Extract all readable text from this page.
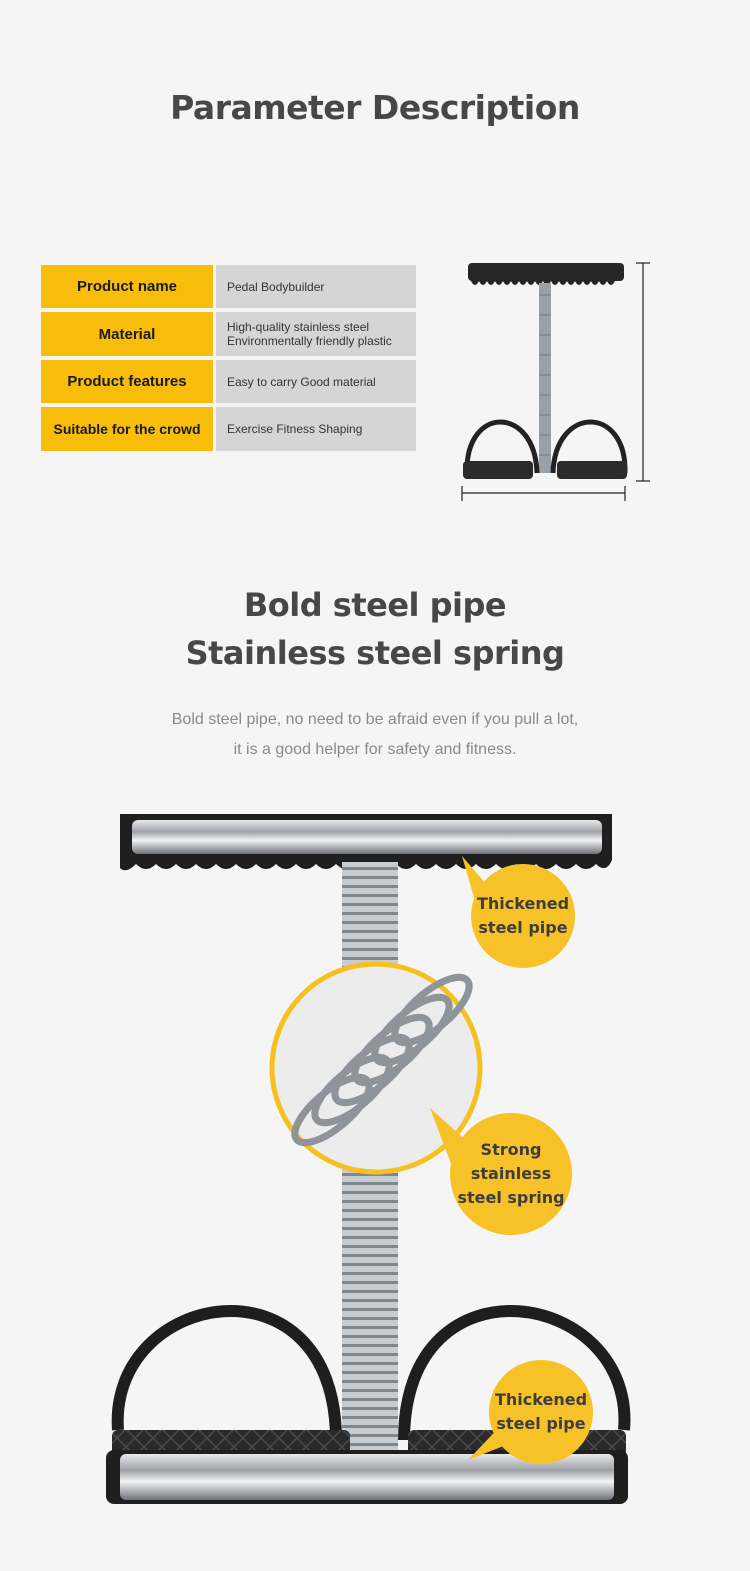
Parameter Description
Product name	Pedal Bodybuilder
Material	High-quality stainless steel
Environmentally friendly plastic
Product features	Easy to carry Good material
Suitable for the crowd	Exercise Fitness Shaping
Bold steel pipe
Stainless steel spring
Bold steel pipe, no need to be afraid even if you pull a lot,
it is a good helper for safety and fitness.
Thickened
steel pipe
Strong
stainless
steel spring
Thickened
steel pipe
